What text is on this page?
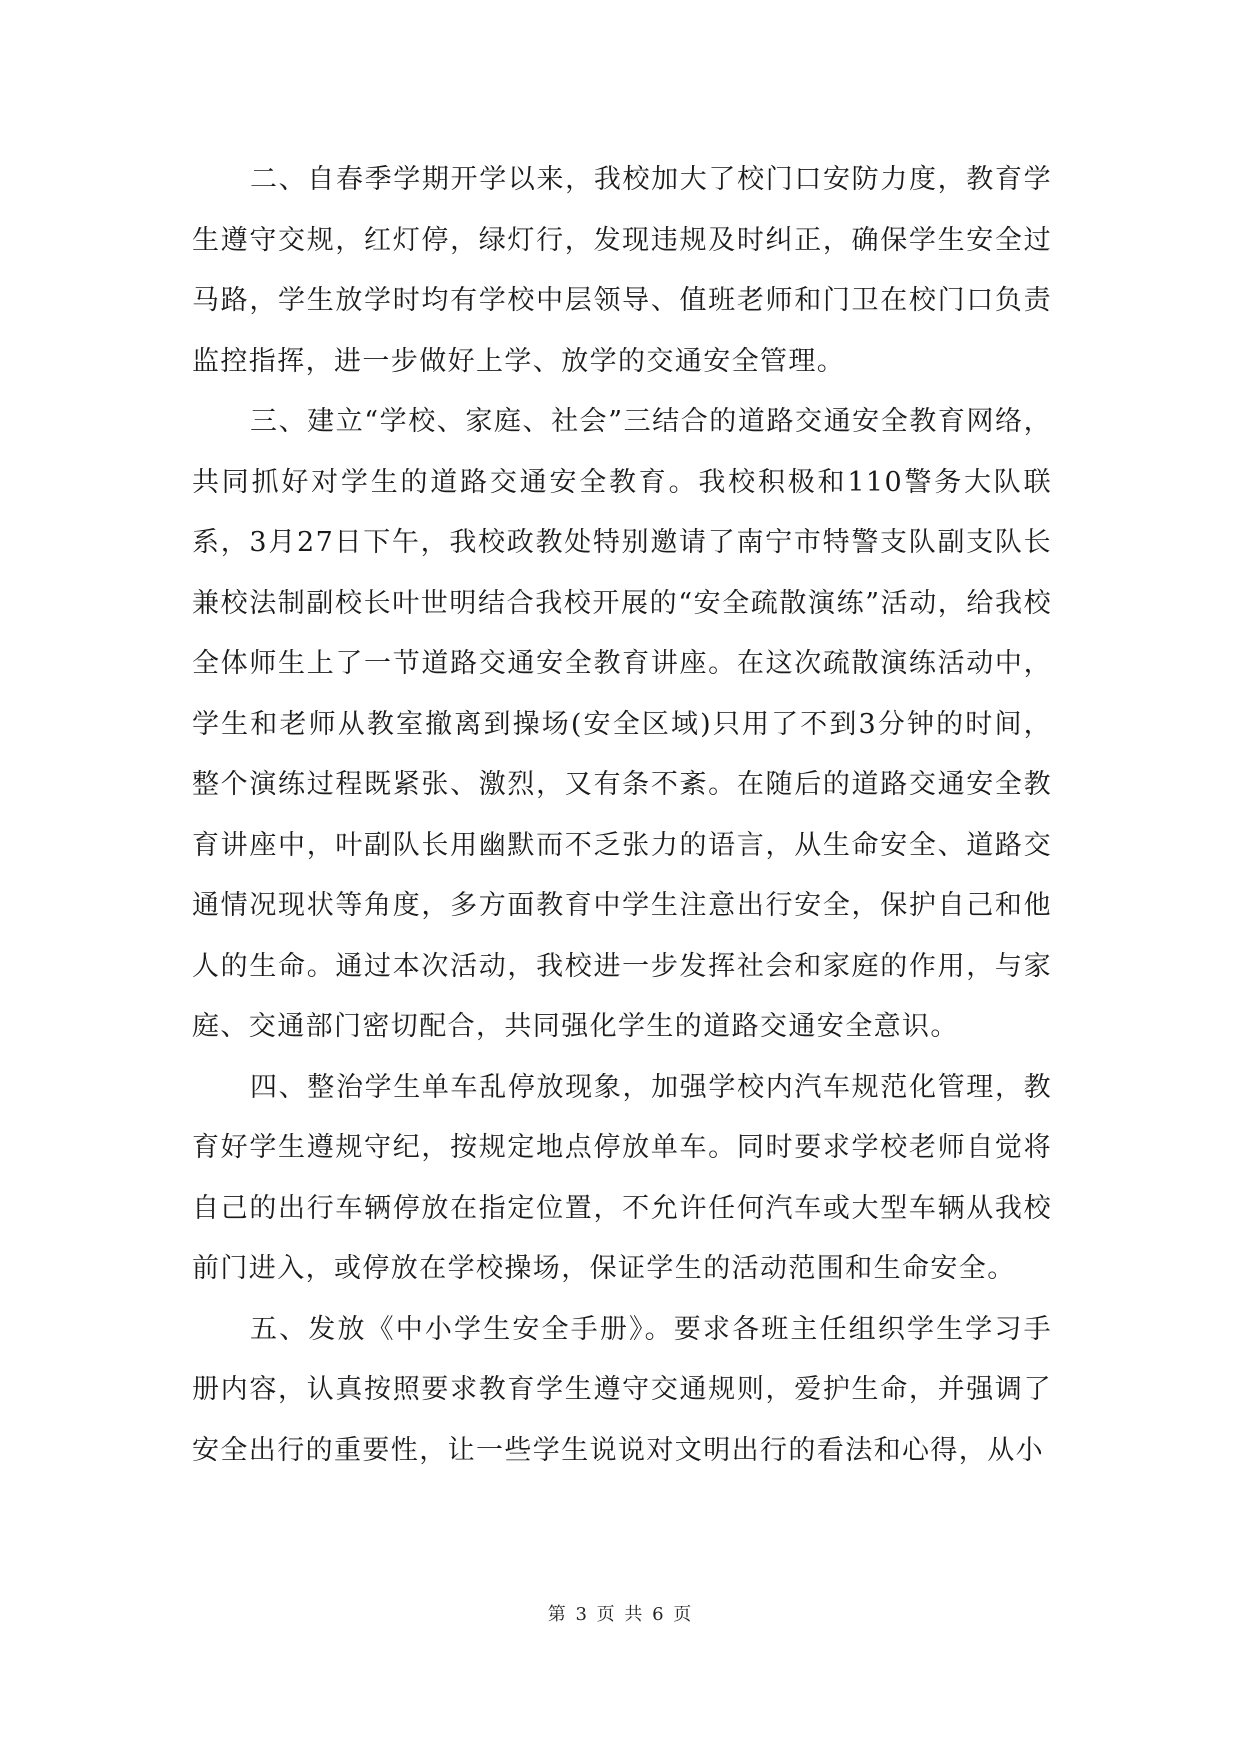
二、自春季学期开学以来，我校加大了校门口安防力度，教育学生遵守交规，红灯停，绿灯行，发现违规及时纠正，确保学生安全过马路，学生放学时均有学校中层领导、值班老师和门卫在校门口负责监控指挥，进一步做好上学、放学的交通安全管理。

三、建立“学校、家庭、社会”三结合的道路交通安全教育网络，共同抓好对学生的道路交通安全教育。我校积极和110警务大队联系，3月27日下午，我校政教处特别邀请了南宁市特警支队副支队长兼校法制副校长叶世明结合我校开展的“安全疏散演练”活动，给我校全体师生上了一节道路交通安全教育讲座。在这次疏散演练活动中，学生和老师从教室撤离到操场(安全区域)只用了不到3分钟的时间，整个演练过程既紧张、激烈，又有条不紊。在随后的道路交通安全教育讲座中，叶副队长用幽默而不乏张力的语言，从生命安全、道路交通情况现状等角度，多方面教育中学生注意出行安全，保护自己和他人的生命。通过本次活动，我校进一步发挥社会和家庭的作用，与家庭、交通部门密切配合，共同强化学生的道路交通安全意识。

四、整治学生单车乱停放现象，加强学校内汽车规范化管理，教育好学生遵规守纪，按规定地点停放单车。同时要求学校老师自觉将自己的出行车辆停放在指定位置，不允许任何汽车或大型车辆从我校前门进入，或停放在学校操场，保证学生的活动范围和生命安全。

五、发放《中小学生安全手册》。要求各班主任组织学生学习手册内容，认真按照要求教育学生遵守交通规则，爱护生命，并强调了安全出行的重要性，让一些学生说说对文明出行的看法和心得，从小

第 3 页 共 6 页
